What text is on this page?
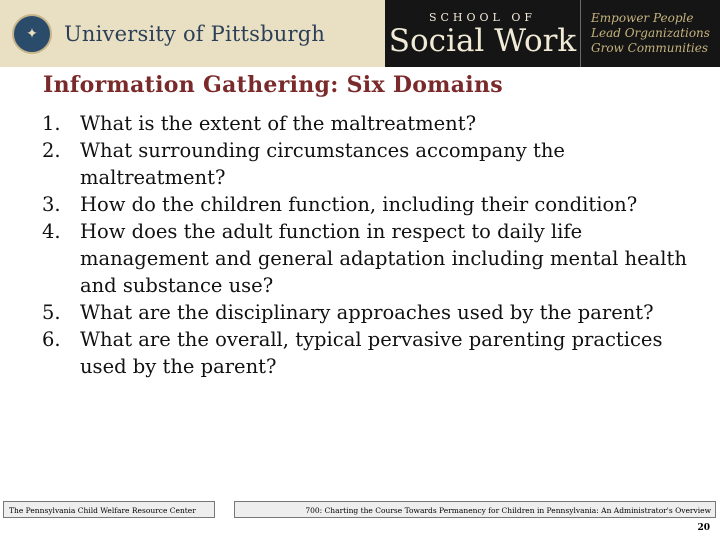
✦	University of Pittsburgh
SCHOOL OF
Social Work
Empower People
Lead Organizations
Grow Communities
Information Gathering: Six Domains
1. What is the extent of the maltreatment?
2. What surrounding circumstances accompany the maltreatment?
3. How do the children function, including their condition?
4. How does the adult function in respect to daily life management and general adaptation including mental health and substance use?
5. What are the disciplinary approaches used by the parent?
6. What are the overall, typical pervasive parenting practices used by the parent?
The Pennsylvania Child Welfare Resource Center	700: Charting the Course Towards Permanency for Children in Pennsylvania: An Administrator's Overview
20
